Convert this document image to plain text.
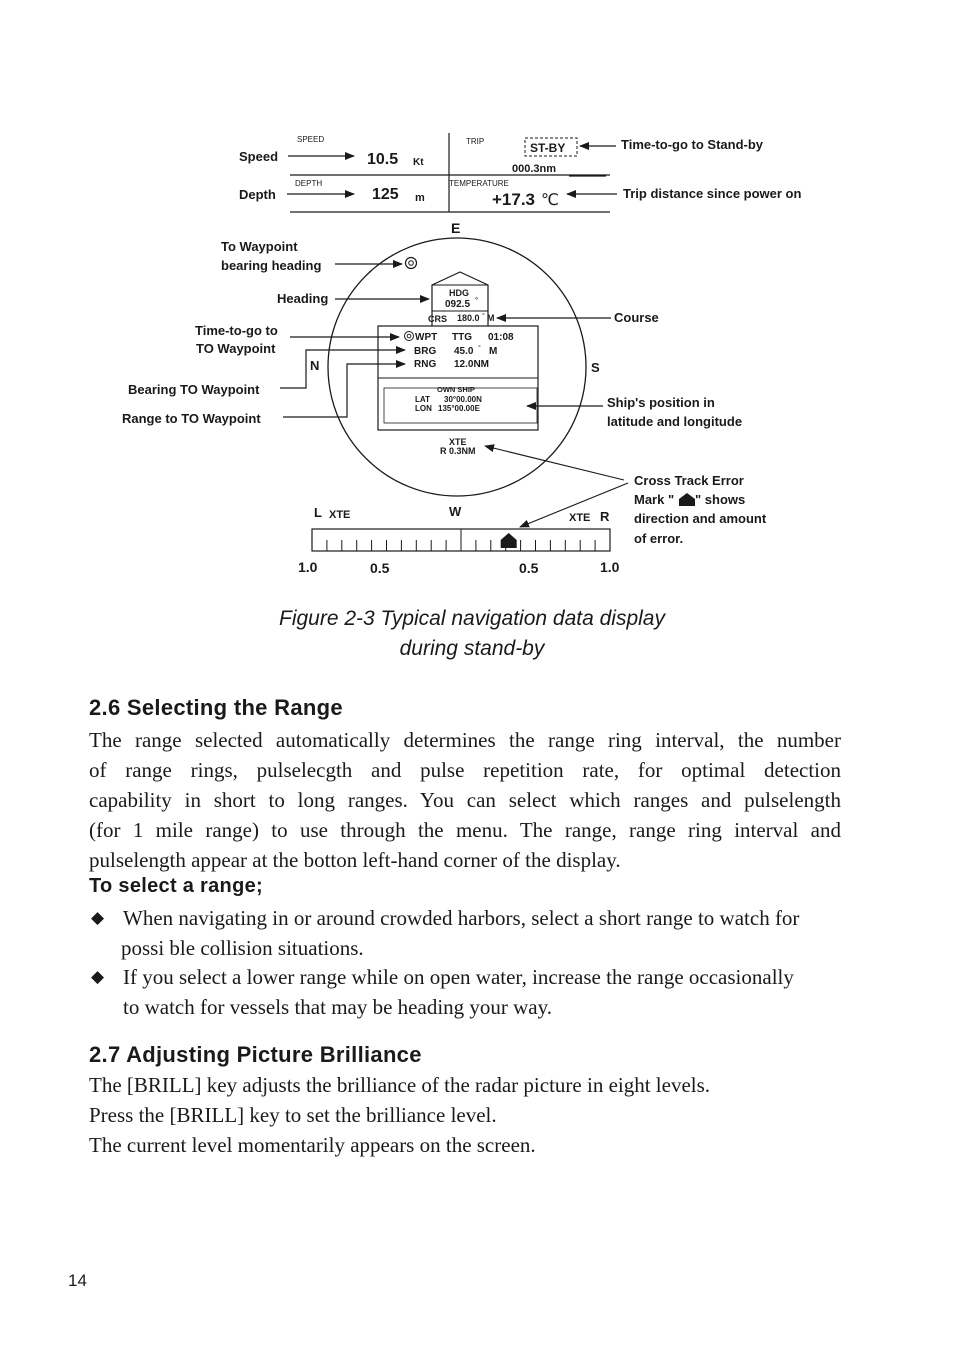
SPEED	TRIP
DEPTH	TEMPERATURE
10.5 Kt
125 m
000.3nm
+17.3 ℃
ST-BY	Time-to-go to Stand-by
Trip distance since power on
Speed
Depth
E
W
N	S
To Waypoint
bearing heading
HDG
092.5 °
CRS 180.0 ° M
Heading
Course
WPT TTG 01:08
BRG 45.0 ° M
RNG 12.0NM
OWN SHIP
LAT 30°00.00N
LON 135°00.00E
XTE
R 0.3NM
Time-to-go to
TO Waypoint
Bearing TO Waypoint
Range to TO Waypoint
Ship's position in
latitude and longitude
Cross Track Error
Mark " " shows
direction and amount
of error.
L XTE	XTE R
1.0	0.5	0.5	1.0
Figure 2-3 Typical navigation data display
during stand-by
2.6 Selecting the Range
The range selected automatically determines the range ring interval, the number
of range rings, pulselecgth and pulse repetition rate, for optimal detection
capability in short to long ranges. You can select which ranges and pulselength
(for 1 mile range) to use through the menu. The range, range ring interval and
pulselength appear at the botton left-hand corner of the display.
To select a range;
◆ When navigating in or around crowded harbors, select a short range to watch for
possi ble collision situations.
◆ If you select a lower range while on open water, increase the range occasionally
to watch for vessels that may be heading your way.
2.7 Adjusting Picture Brilliance
The [BRILL] key adjusts the brilliance of the radar picture in eight levels.
Press the [BRILL] key to set the brilliance level.
The current level momentarily appears on the screen.
14
